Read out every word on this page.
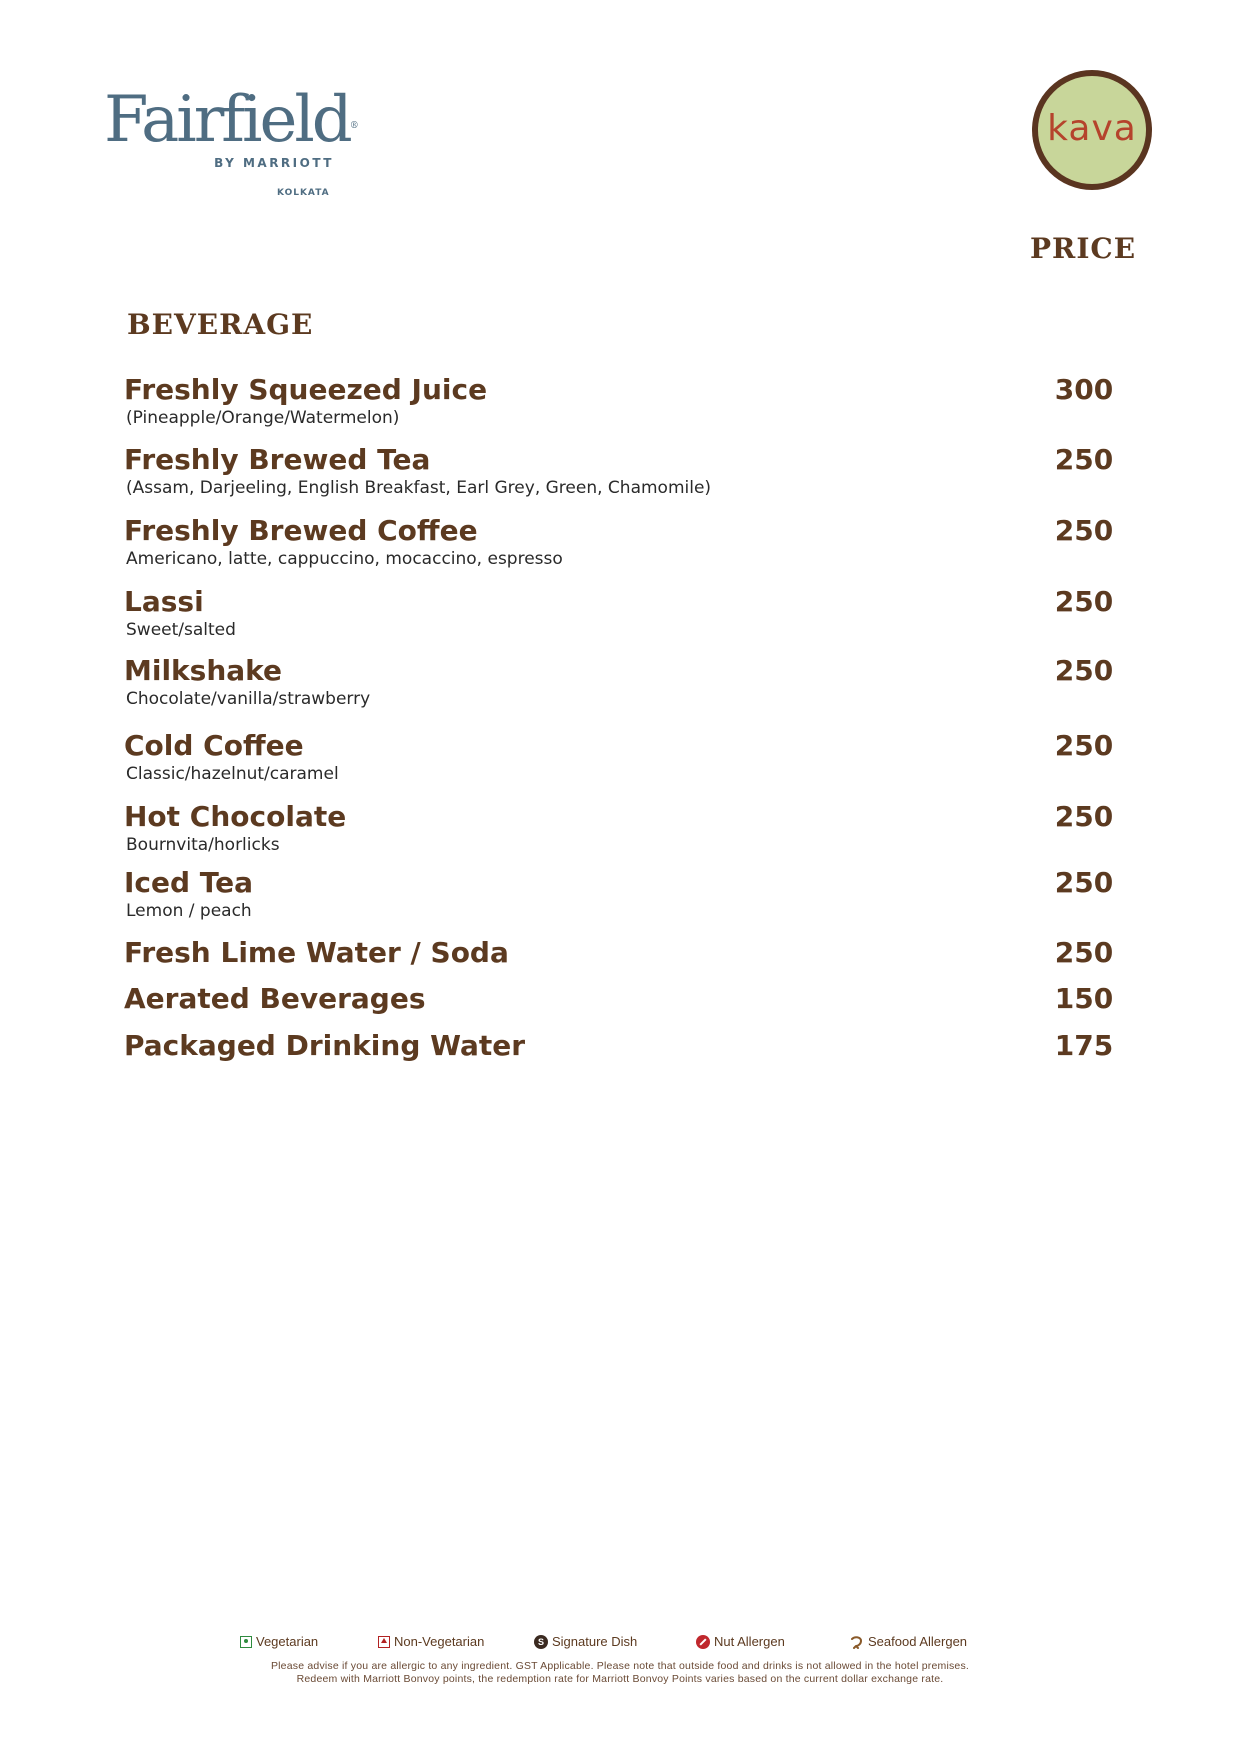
Fairfield®
BY MARRIOTT
KOLKATA
kava
PRICE
BEVERAGE
Freshly Squeezed Juice
(Pineapple/Orange/Watermelon)
300
Freshly Brewed Tea
(Assam, Darjeeling, English Breakfast, Earl Grey, Green, Chamomile)
250
Freshly Brewed Coffee
Americano, latte, cappuccino, mocaccino, espresso
250
Lassi
Sweet/salted
250
Milkshake
Chocolate/vanilla/strawberry
250
Cold Coffee
Classic/hazelnut/caramel
250
Hot Chocolate
Bournvita/horlicks
250
Iced Tea
Lemon / peach
250
Fresh Lime Water / Soda	250
Aerated Beverages	150
Packaged Drinking Water	175
Vegetarian	Non-Vegetarian	S Signature Dish	Nut Allergen	Seafood Allergen
Please advise if you are allergic to any ingredient. GST Applicable. Please note that outside food and drinks is not allowed in the hotel premises.
Redeem with Marriott Bonvoy points, the redemption rate for Marriott Bonvoy Points varies based on the current dollar exchange rate.
